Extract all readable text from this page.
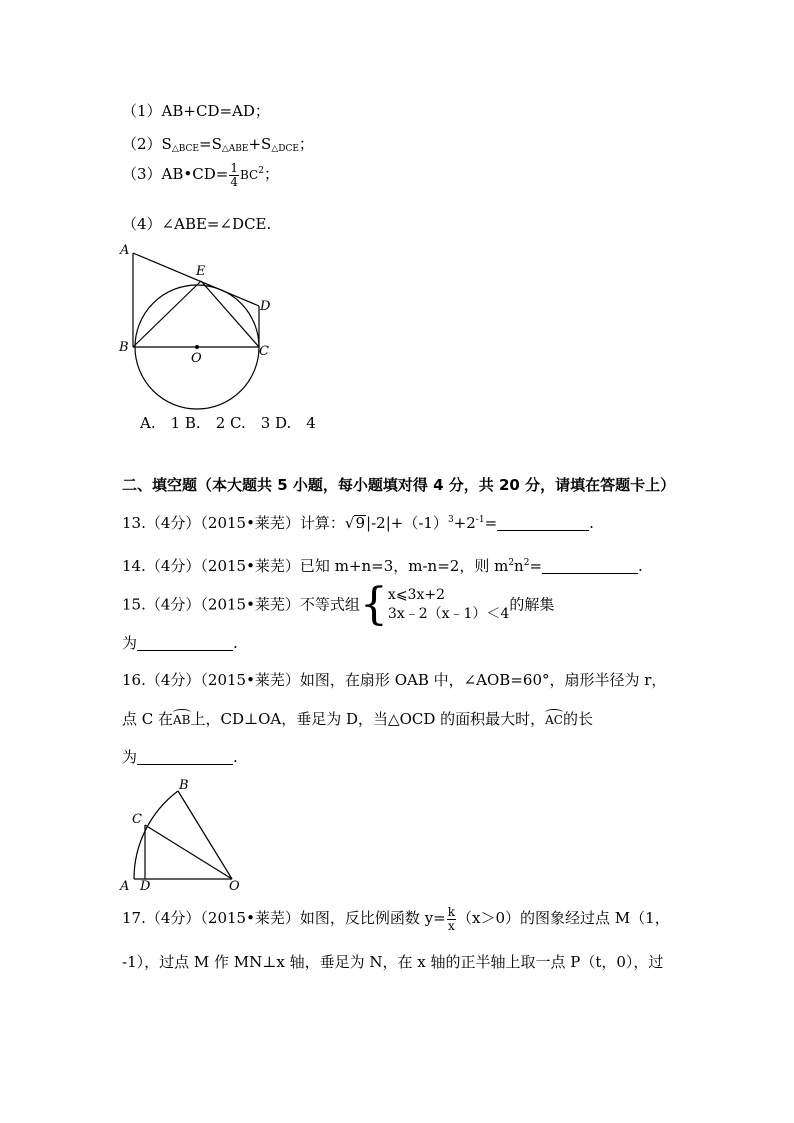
（1）AB+CD=AD；
$(2)S_{\triangle BCE}=S_{\triangle ABE}+S_{\triangle DCE}$；
（3）AB•CD= $\frac{1}{4} BC^2$；
（4）∠ABE=∠DCE.
A
E
D
B
O	C
A.　1 B.　2 C.　3 D.　4
二、填空题（本大题共 5 小题，每小题填对得 4 分，共 20 分，请填在答题卡上）
13.（4分）（2015•莱芜）计算：$√9|-2|+(-1)^3+2^{-1}=$	.
14.（4分）（2015•莱芜）已知 m+n=3，m-n=2，则 $m^2n^2=$	.
15.（4分）（2015•莱芜）不等式组{ x⩽3x+2
3x﹣2（x﹣1）＜4
的解集
为	.
16.（4分）（2015•莱芜）如图，在扇形 OAB 中，∠AOB=60°，扇形半径为 r，
点 C 在AB上，CD⊥OA，垂足为 D，当△OCD 的面积最大时，AC的长
为	.
B
C
A D	O
17.（4分）（2015•莱芜）如图，反比例函数 $y= \frac{k}{x} (x>0)$的图象经过点 M（1，
-1），过点 M 作 MN⊥x 轴，垂足为 N，在 x 轴的正半轴上取一点 P（t，0），过
